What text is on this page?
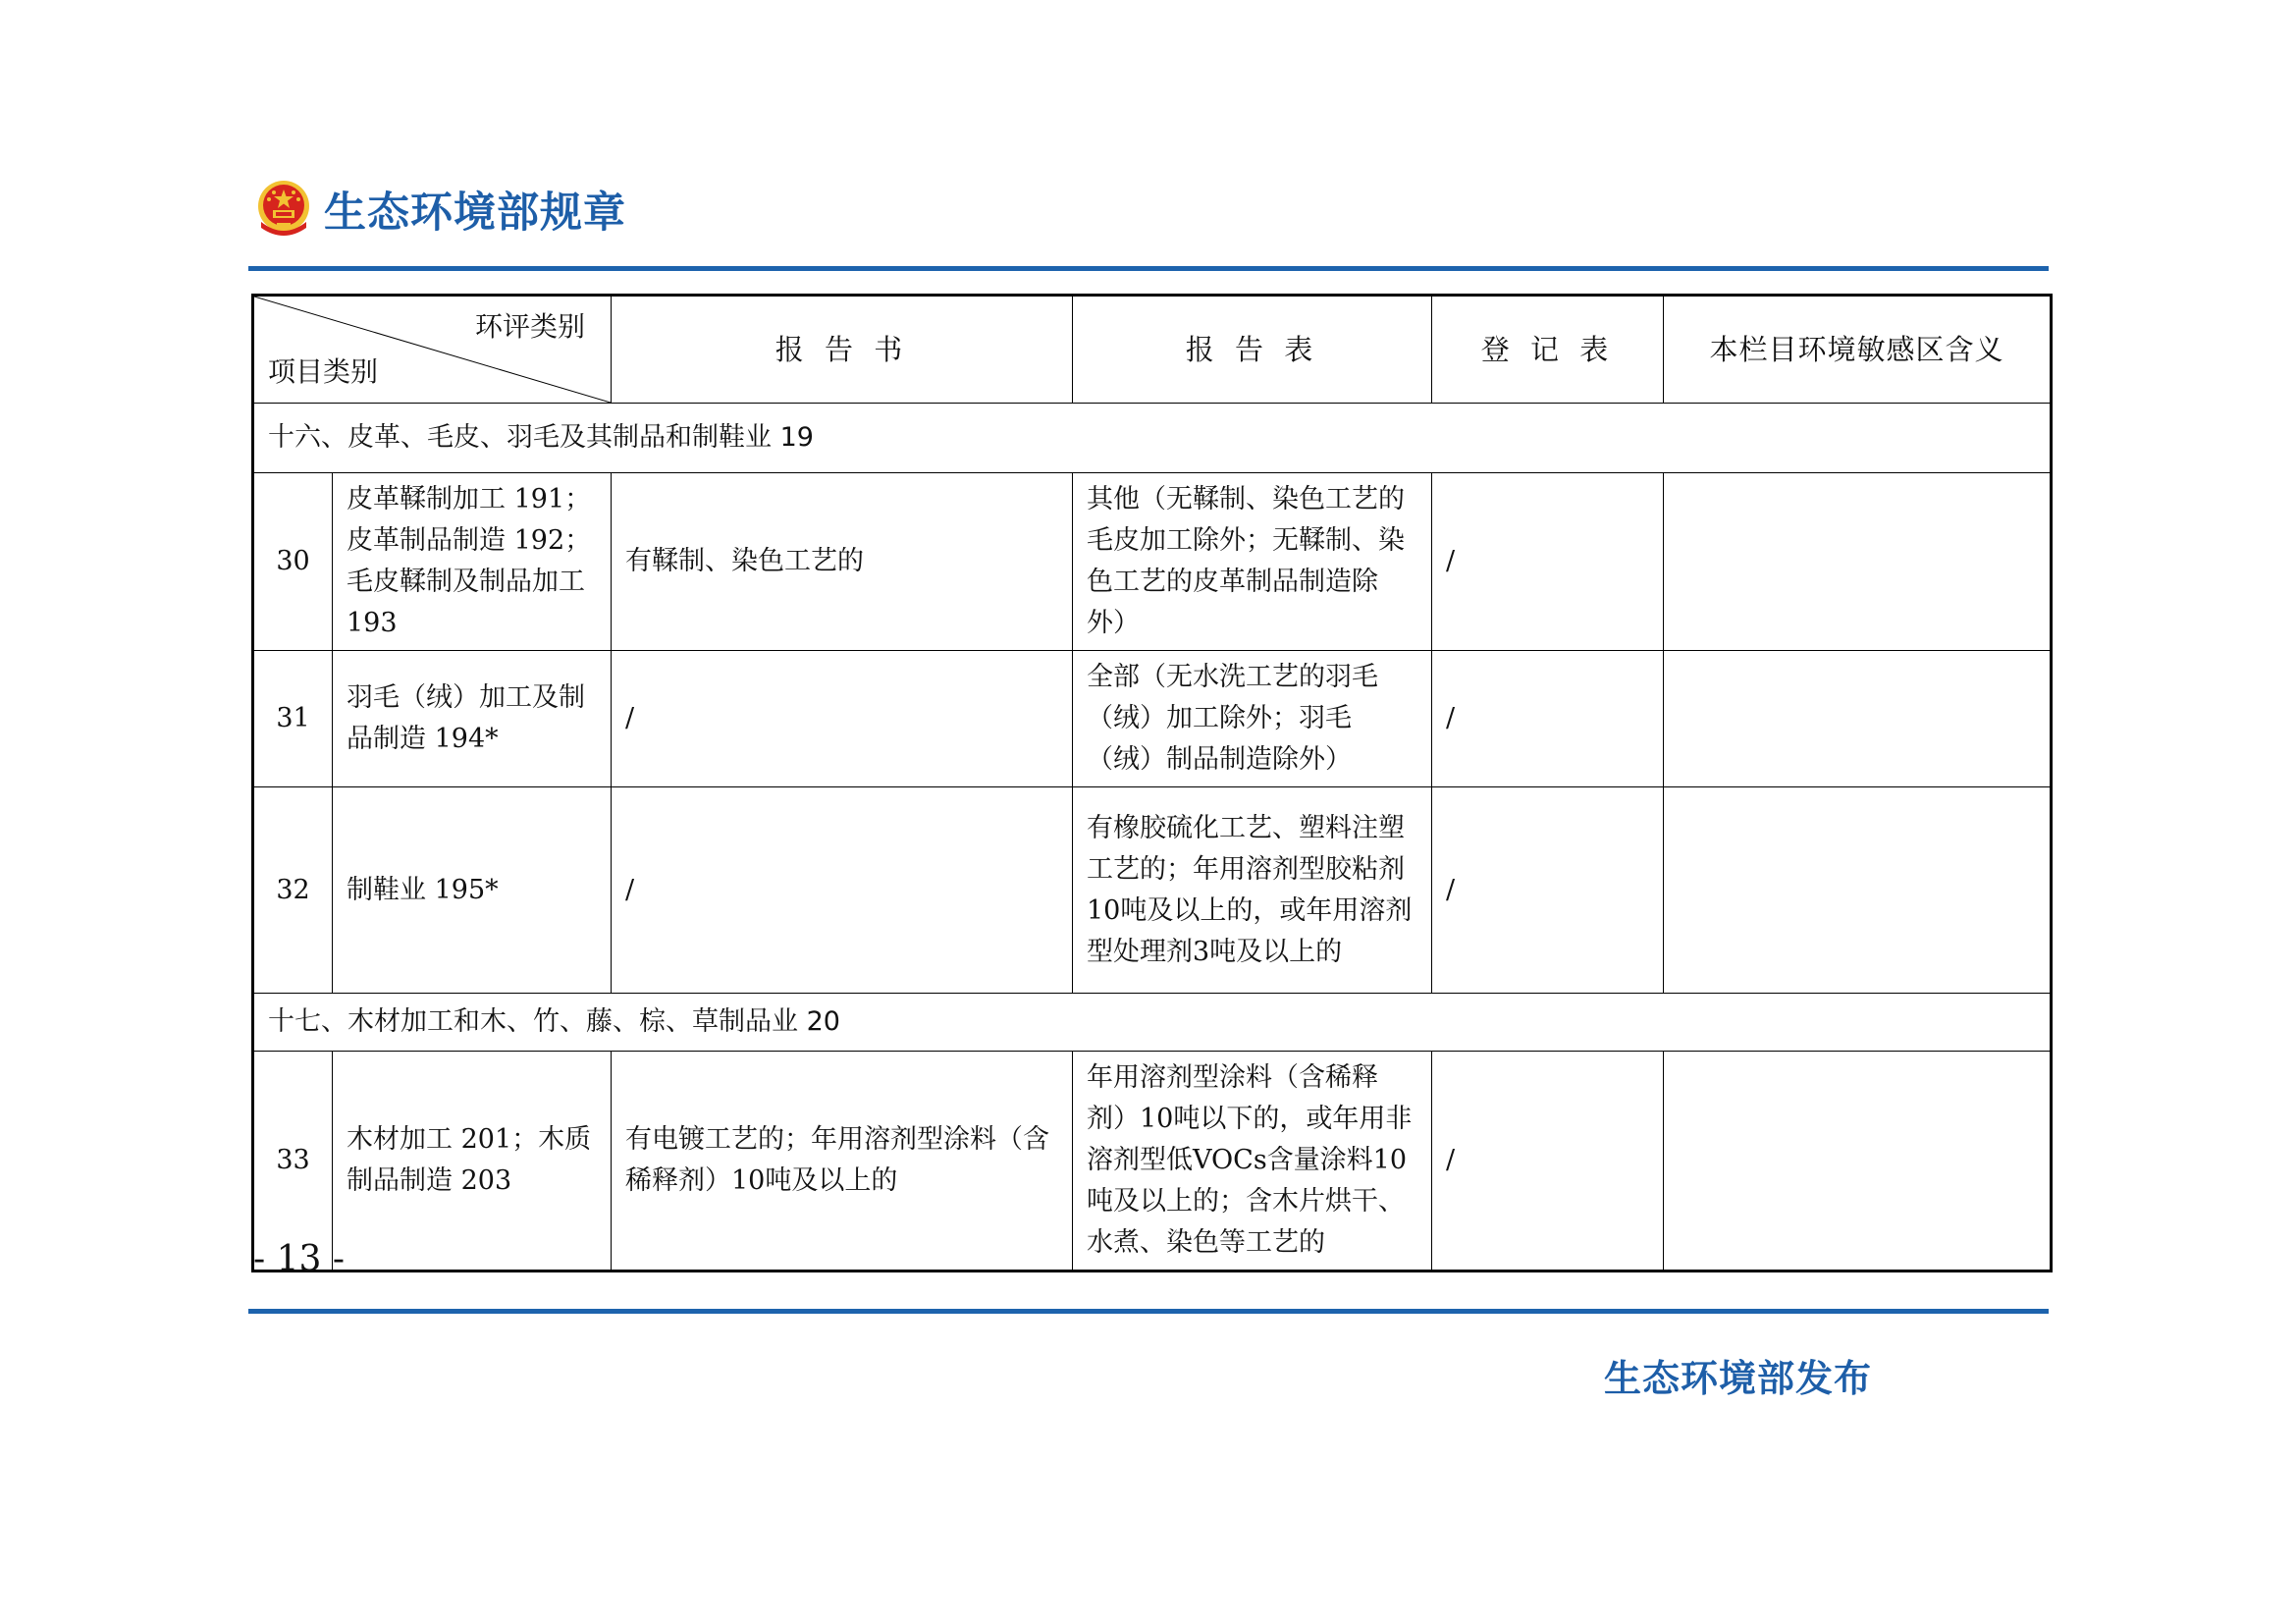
生态环境部规章
环评类别
项目类别		报 告 书	报 告 表	登 记 表	本栏目环境敏感区含义
十六、皮革、毛皮、羽毛及其制品和制鞋业 19					
30	皮革鞣制加工 191；皮革制品制造 192；毛皮鞣制及制品加工 193	有鞣制、染色工艺的	其他（无鞣制、染色工艺的毛皮加工除外；无鞣制、染色工艺的皮革制品制造除外）	/	
31	羽毛（绒）加工及制品制造 194*	/	全部（无水洗工艺的羽毛（绒）加工除外；羽毛（绒）制品制造除外）	/	
32	制鞋业 195*	/	有橡胶硫化工艺、塑料注塑工艺的；年用溶剂型胶粘剂10吨及以上的，或年用溶剂型处理剂3吨及以上的	/	
十七、木材加工和木、竹、藤、棕、草制品业 20					
33	木材加工 201；木质制品制造 203	有电镀工艺的；年用溶剂型涂料（含稀释剂）10吨及以上的	年用溶剂型涂料（含稀释剂）10吨以下的，或年用非溶剂型低VOCs含量涂料10吨及以上的；含木片烘干、水煮、染色等工艺的	/	
- 13 -
生态环境部发布
